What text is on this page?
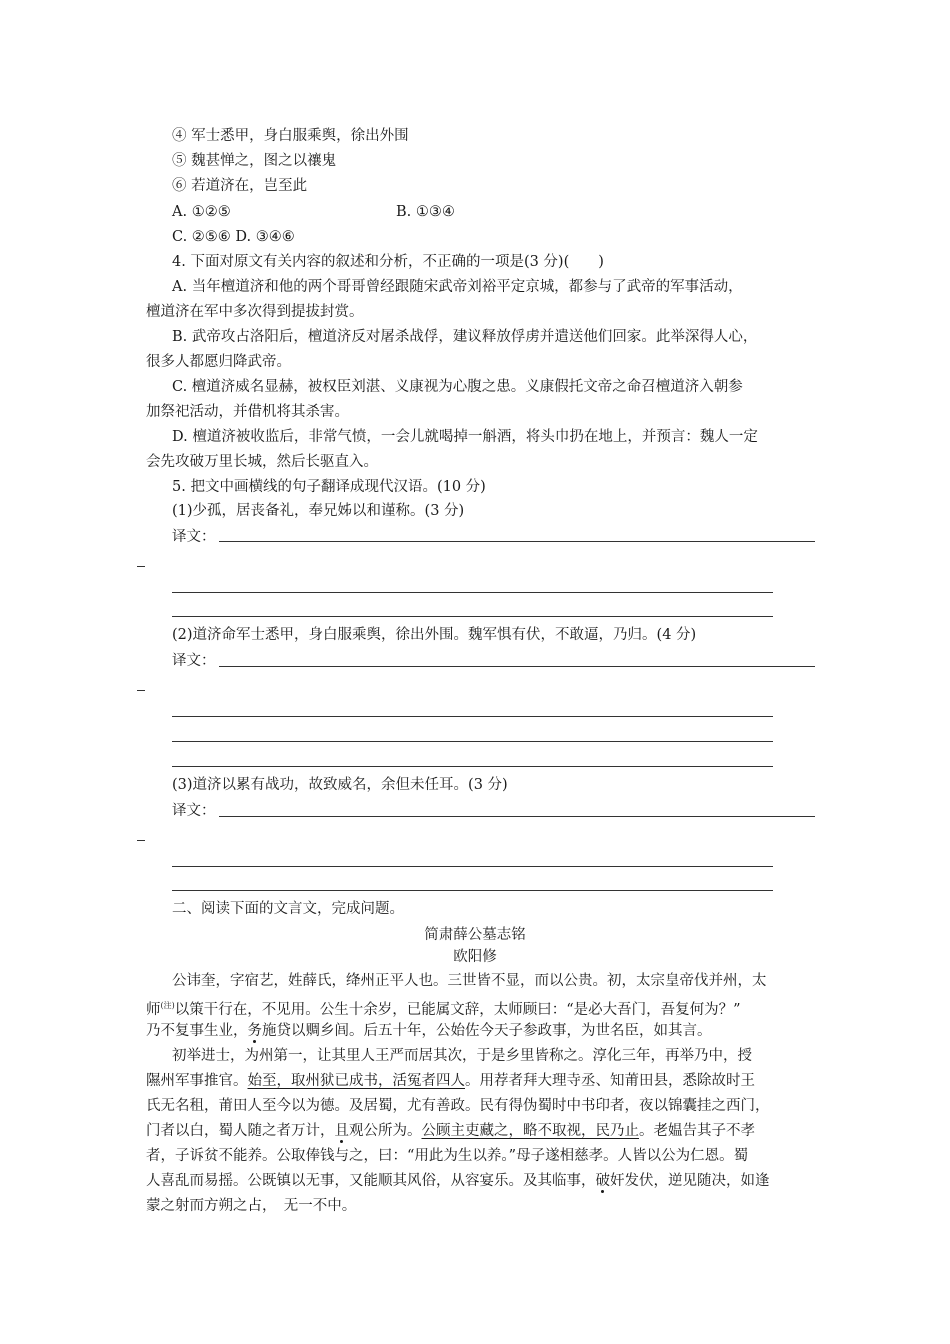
④ 军士悉甲，身白服乘舆，徐出外围
⑤ 魏甚惮之，图之以禳鬼
⑥ 若道济在，岂至此
A. ①②⑤	B. ①③④
C. ②⑤⑥ D. ③④⑥
4. 下面对原文有关内容的叙述和分析，不正确的一项是(3 分)(　　)
A. 当年檀道济和他的两个哥哥曾经跟随宋武帝刘裕平定京城，都参与了武帝的军事活动，
檀道济在军中多次得到提拔封赏。
B. 武帝攻占洛阳后，檀道济反对屠杀战俘，建议释放俘虏并遣送他们回家。此举深得人心，
很多人都愿归降武帝。
C. 檀道济威名显赫，被权臣刘湛、义康视为心腹之患。义康假托文帝之命召檀道济入朝参
加祭祀活动，并借机将其杀害。
D. 檀道济被收监后，非常气愤，一会儿就喝掉一斛酒，将头巾扔在地上，并预言：魏人一定
会先攻破万里长城，然后长驱直入。
5. 把文中画横线的句子翻译成现代汉语。(10 分)
(1)少孤，居丧备礼，奉兄姊以和谨称。(3 分)
译文：
(2)道济命军士悉甲，身白服乘舆，徐出外围。魏军惧有伏，不敢逼，乃归。(4 分)
译文：
(3)道济以累有战功，故致威名，余但未任耳。(3 分)
译文：
二、阅读下面的文言文，完成问题。
简肃薛公墓志铭
欧阳修
公讳奎，字宿艺，姓薛氏，绛州正平人也。三世皆不显，而以公贵。初，太宗皇帝伐并州，太
师$^{(注)}$以策干行在，不见用。公生十余岁，已能属文辞，太师顾曰：“是必大吾门，吾复何为？”
乃不复事生业，务施贷以赒乡闾。后五十年，公始佐今天子参政事，为世名臣，如其言。
初举进士，为州第一，让其里人王严而居其次，于是乡里皆称之。淳化三年，再举乃中，授
隰州军事推官。始至，取州狱已成书，活冤者四人。用荐者拜大理寺丞、知莆田县，悉除故时王
氏无名租，莆田人至今以为德。及居蜀，尤有善政。民有得伪蜀时中书印者，夜以锦囊挂之西门，
门者以白，蜀人随之者万计，且观公所为。公顾主吏藏之，略不取视，民乃止。老媪告其子不孝
者，子诉贫不能养。公取俸钱与之，曰：“用此为生以养。”母子遂相慈孝。人皆以公为仁恩。蜀
人喜乱而易摇。公既镇以无事，又能顺其风俗，从容宴乐。及其临事，破奸发伏，逆见随决，如逢
蒙之射而方朔之占，　无一不中。
